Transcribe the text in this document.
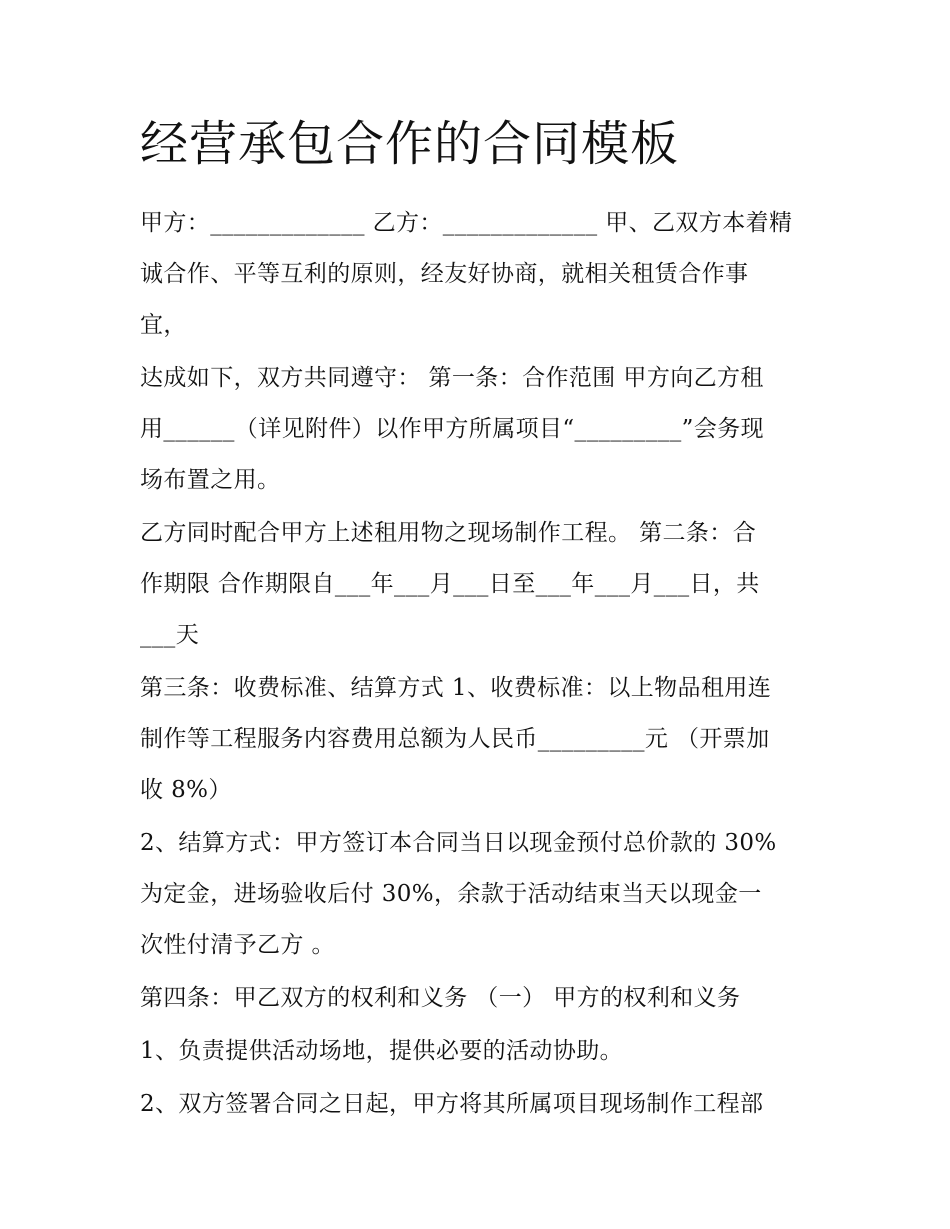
经营承包合作的合同模板
甲方：_____________ 乙方：_____________ 甲、乙双方本着精
诚合作、平等互利的原则，经友好协商，就相关租赁合作事
宜，
达成如下，双方共同遵守： 第一条：合作范围 甲方向乙方租
用______（详见附件）以作甲方所属项目“_________”会务现
场布置之用。
乙方同时配合甲方上述租用物之现场制作工程。 第二条：合
作期限 合作期限自___年___月___日至___年___月___日，共
___天
第三条：收费标准、结算方式 1、收费标准：以上物品租用连
制作等工程服务内容费用总额为人民币_________元 （开票加
收 8%）
2、结算方式：甲方签订本合同当日以现金预付总价款的 30%
为定金，进场验收后付 30%，余款于活动结束当天以现金一
次性付清予乙方 。
第四条：甲乙双方的权利和义务 （一） 甲方的权利和义务
1、负责提供活动场地，提供必要的活动协助。
2、双方签署合同之日起，甲方将其所属项目现场制作工程部
